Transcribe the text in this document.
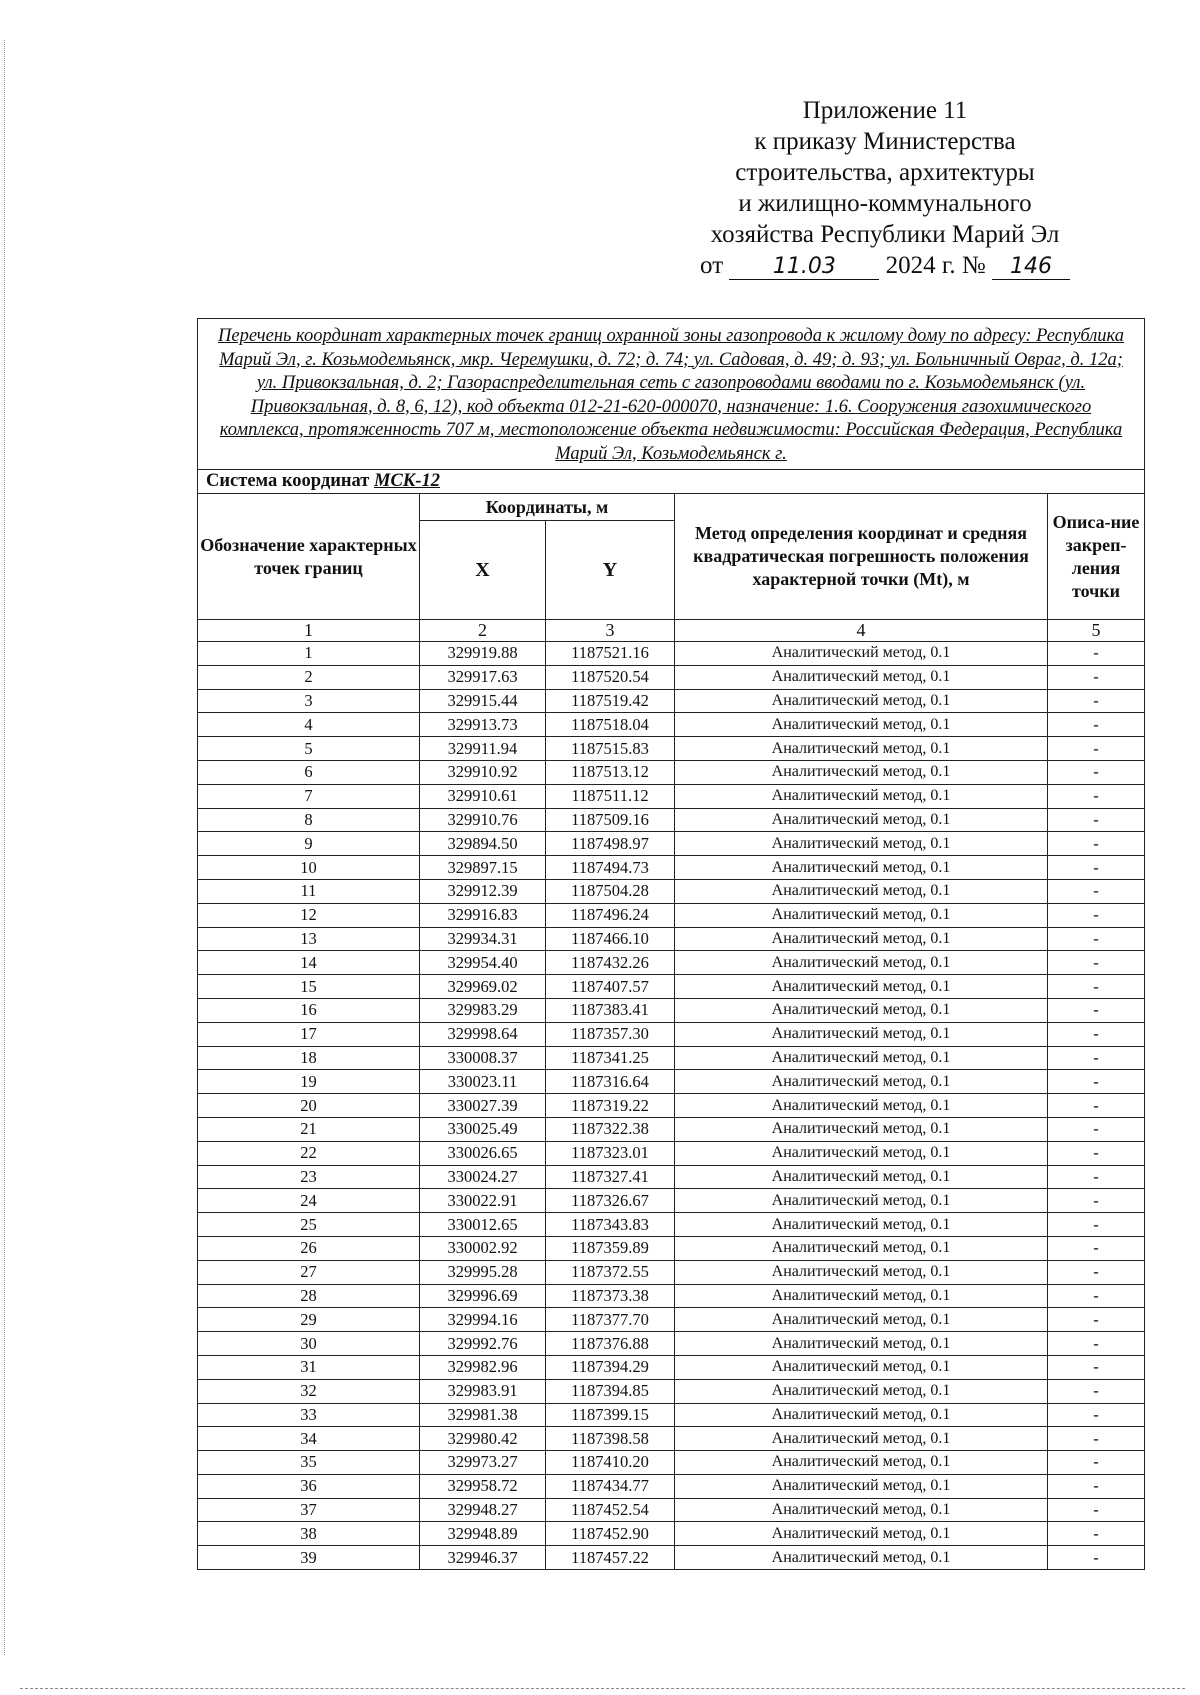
Приложение 11
к приказу Министерства
строительства, архитектуры
и жилищно-коммунального
хозяйства Республики Марий Эл
от 11.03 2024 г. № 146
Перечень координат характерных точек границ охранной зоны газопровода к жилому дому по адресу: Республика Марий Эл, г. Козьмодемьянск, мкр. Черемушки, д. 72; д. 74; ул. Садовая, д. 49; д. 93; ул. Больничный Овраг, д. 12а; ул. Привокзальная, д. 2; Газораспределительная сеть с газопроводами вводами по г. Козьмодемьянск (ул. Привокзальная, д. 8, 6, 12), код объекта 012-21-620-000070, назначение: 1.6. Сооружения газохимического комплекса, протяженность 707 м, местоположение объекта недвижимости: Российская Федерация, Республика Марий Эл, Козьмодемьянск г.				
Система координат МСК-12				
Обозначение характерных точек границ	Координаты, м		Метод определения координат и средняя квадратическая погрешность положения характерной точки (Mt), м	Описа-ние закреп-ления точки
	X	Y		
1	2	3	4	5
1	329919.88	1187521.16	Аналитический метод, 0.1	-
2	329917.63	1187520.54	Аналитический метод, 0.1	-
3	329915.44	1187519.42	Аналитический метод, 0.1	-
4	329913.73	1187518.04	Аналитический метод, 0.1	-
5	329911.94	1187515.83	Аналитический метод, 0.1	-
6	329910.92	1187513.12	Аналитический метод, 0.1	-
7	329910.61	1187511.12	Аналитический метод, 0.1	-
8	329910.76	1187509.16	Аналитический метод, 0.1	-
9	329894.50	1187498.97	Аналитический метод, 0.1	-
10	329897.15	1187494.73	Аналитический метод, 0.1	-
11	329912.39	1187504.28	Аналитический метод, 0.1	-
12	329916.83	1187496.24	Аналитический метод, 0.1	-
13	329934.31	1187466.10	Аналитический метод, 0.1	-
14	329954.40	1187432.26	Аналитический метод, 0.1	-
15	329969.02	1187407.57	Аналитический метод, 0.1	-
16	329983.29	1187383.41	Аналитический метод, 0.1	-
17	329998.64	1187357.30	Аналитический метод, 0.1	-
18	330008.37	1187341.25	Аналитический метод, 0.1	-
19	330023.11	1187316.64	Аналитический метод, 0.1	-
20	330027.39	1187319.22	Аналитический метод, 0.1	-
21	330025.49	1187322.38	Аналитический метод, 0.1	-
22	330026.65	1187323.01	Аналитический метод, 0.1	-
23	330024.27	1187327.41	Аналитический метод, 0.1	-
24	330022.91	1187326.67	Аналитический метод, 0.1	-
25	330012.65	1187343.83	Аналитический метод, 0.1	-
26	330002.92	1187359.89	Аналитический метод, 0.1	-
27	329995.28	1187372.55	Аналитический метод, 0.1	-
28	329996.69	1187373.38	Аналитический метод, 0.1	-
29	329994.16	1187377.70	Аналитический метод, 0.1	-
30	329992.76	1187376.88	Аналитический метод, 0.1	-
31	329982.96	1187394.29	Аналитический метод, 0.1	-
32	329983.91	1187394.85	Аналитический метод, 0.1	-
33	329981.38	1187399.15	Аналитический метод, 0.1	-
34	329980.42	1187398.58	Аналитический метод, 0.1	-
35	329973.27	1187410.20	Аналитический метод, 0.1	-
36	329958.72	1187434.77	Аналитический метод, 0.1	-
37	329948.27	1187452.54	Аналитический метод, 0.1	-
38	329948.89	1187452.90	Аналитический метод, 0.1	-
39	329946.37	1187457.22	Аналитический метод, 0.1	-
